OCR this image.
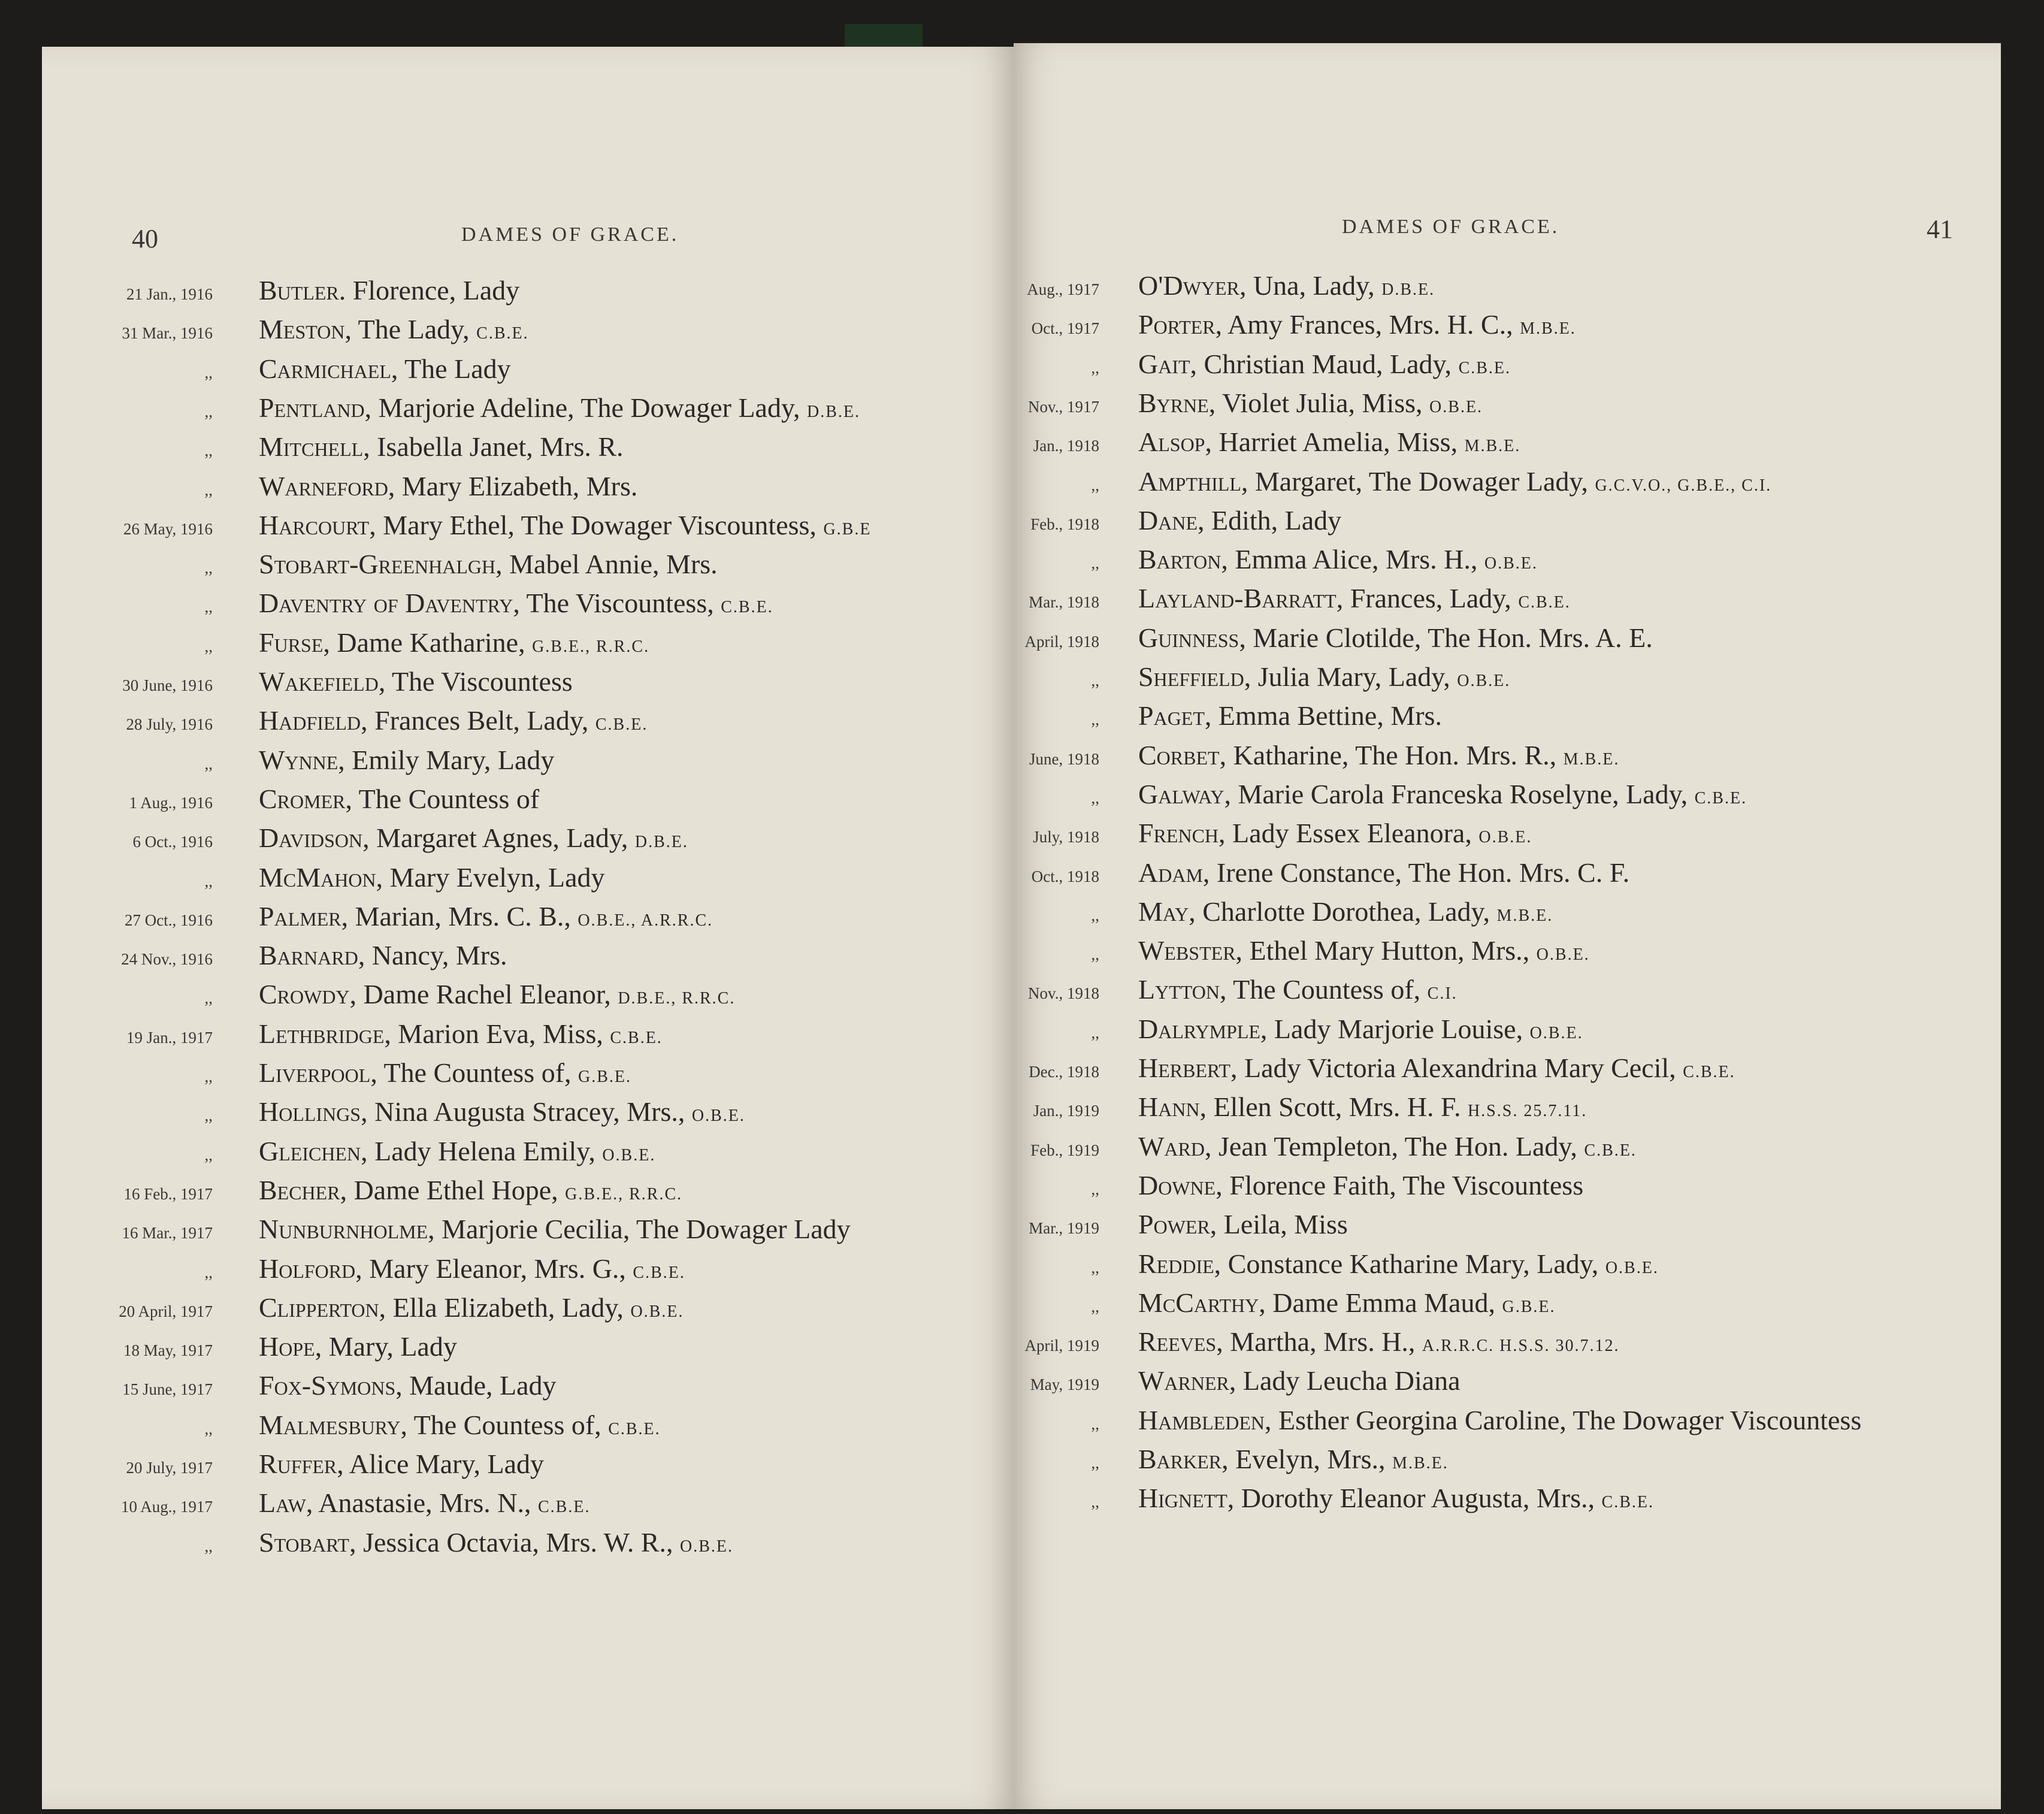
40	DAMES OF GRACE.
21 Jan., 1916 Butler. Florence, Lady
31 Mar., 1916 Meston, The Lady, C.B.E.
,, Carmichael, The Lady
,, Pentland, Marjorie Adeline, The Dowager Lady, D.B.E.
,, Mitchell, Isabella Janet, Mrs. R.
,, Warneford, Mary Elizabeth, Mrs.
26 May, 1916 Harcourt, Mary Ethel, The Dowager Viscountess, G.B.E
,, Stobart-Greenhalgh, Mabel Annie, Mrs.
,, Daventry of Daventry, The Viscountess, C.B.E.
,, Furse, Dame Katharine, G.B.E., R.R.C.
30 June, 1916 Wakefield, The Viscountess
28 July, 1916 Hadfield, Frances Belt, Lady, C.B.E.
,, Wynne, Emily Mary, Lady
1 Aug., 1916 Cromer, The Countess of
6 Oct., 1916 Davidson, Margaret Agnes, Lady, D.B.E.
,, McMahon, Mary Evelyn, Lady
27 Oct., 1916 Palmer, Marian, Mrs. C. B., O.B.E., A.R.R.C.
24 Nov., 1916 Barnard, Nancy, Mrs.
,, Crowdy, Dame Rachel Eleanor, D.B.E., R.R.C.
19 Jan., 1917 Lethbridge, Marion Eva, Miss, C.B.E.
,, Liverpool, The Countess of, G.B.E.
,, Hollings, Nina Augusta Stracey, Mrs., O.B.E.
,, Gleichen, Lady Helena Emily, O.B.E.
16 Feb., 1917 Becher, Dame Ethel Hope, G.B.E., R.R.C.
16 Mar., 1917 Nunburnholme, Marjorie Cecilia, The Dowager Lady
,, Holford, Mary Eleanor, Mrs. G., C.B.E.
20 April, 1917 Clipperton, Ella Elizabeth, Lady, O.B.E.
18 May, 1917 Hope, Mary, Lady
15 June, 1917 Fox-Symons, Maude, Lady
,, Malmesbury, The Countess of, C.B.E.
20 July, 1917 Ruffer, Alice Mary, Lady
10 Aug., 1917 Law, Anastasie, Mrs. N., C.B.E.
,, Stobart, Jessica Octavia, Mrs. W. R., O.B.E.
41
DAMES OF GRACE.
Aug., 1917 O'Dwyer, Una, Lady, D.B.E.
Oct., 1917 Porter, Amy Frances, Mrs. H. C., M.B.E.
,, Gait, Christian Maud, Lady, C.B.E.
Nov., 1917 Byrne, Violet Julia, Miss, O.B.E.
Jan., 1918 Alsop, Harriet Amelia, Miss, M.B.E.
,, Ampthill, Margaret, The Dowager Lady, G.C.V.O., G.B.E., C.I.
Feb., 1918 Dane, Edith, Lady
,, Barton, Emma Alice, Mrs. H., O.B.E.
Mar., 1918 Layland-Barratt, Frances, Lady, C.B.E.
April, 1918 Guinness, Marie Clotilde, The Hon. Mrs. A. E.
,, Sheffield, Julia Mary, Lady, O.B.E.
,, Paget, Emma Bettine, Mrs.
June, 1918 Corbet, Katharine, The Hon. Mrs. R., M.B.E.
,, Galway, Marie Carola Franceska Roselyne, Lady, C.B.E.
July, 1918 French, Lady Essex Eleanora, O.B.E.
Oct., 1918 Adam, Irene Constance, The Hon. Mrs. C. F.
,, May, Charlotte Dorothea, Lady, M.B.E.
,, Webster, Ethel Mary Hutton, Mrs., O.B.E.
Nov., 1918 Lytton, The Countess of, C.I.
,, Dalrymple, Lady Marjorie Louise, O.B.E.
Dec., 1918 Herbert, Lady Victoria Alexandrina Mary Cecil, C.B.E.
Jan., 1919 Hann, Ellen Scott, Mrs. H. F. H.S.S. 25.7.11.
Feb., 1919 Ward, Jean Templeton, The Hon. Lady, C.B.E.
,, Downe, Florence Faith, The Viscountess
Mar., 1919 Power, Leila, Miss
,, Reddie, Constance Katharine Mary, Lady, O.B.E.
,, McCarthy, Dame Emma Maud, G.B.E.
April, 1919 Reeves, Martha, Mrs. H., A.R.R.C. H.S.S. 30.7.12.
May, 1919 Warner, Lady Leucha Diana
,, Hambleden, Esther Georgina Caroline, The Dowager Viscountess
,, Barker, Evelyn, Mrs., M.B.E.
,, Hignett, Dorothy Eleanor Augusta, Mrs., C.B.E.
